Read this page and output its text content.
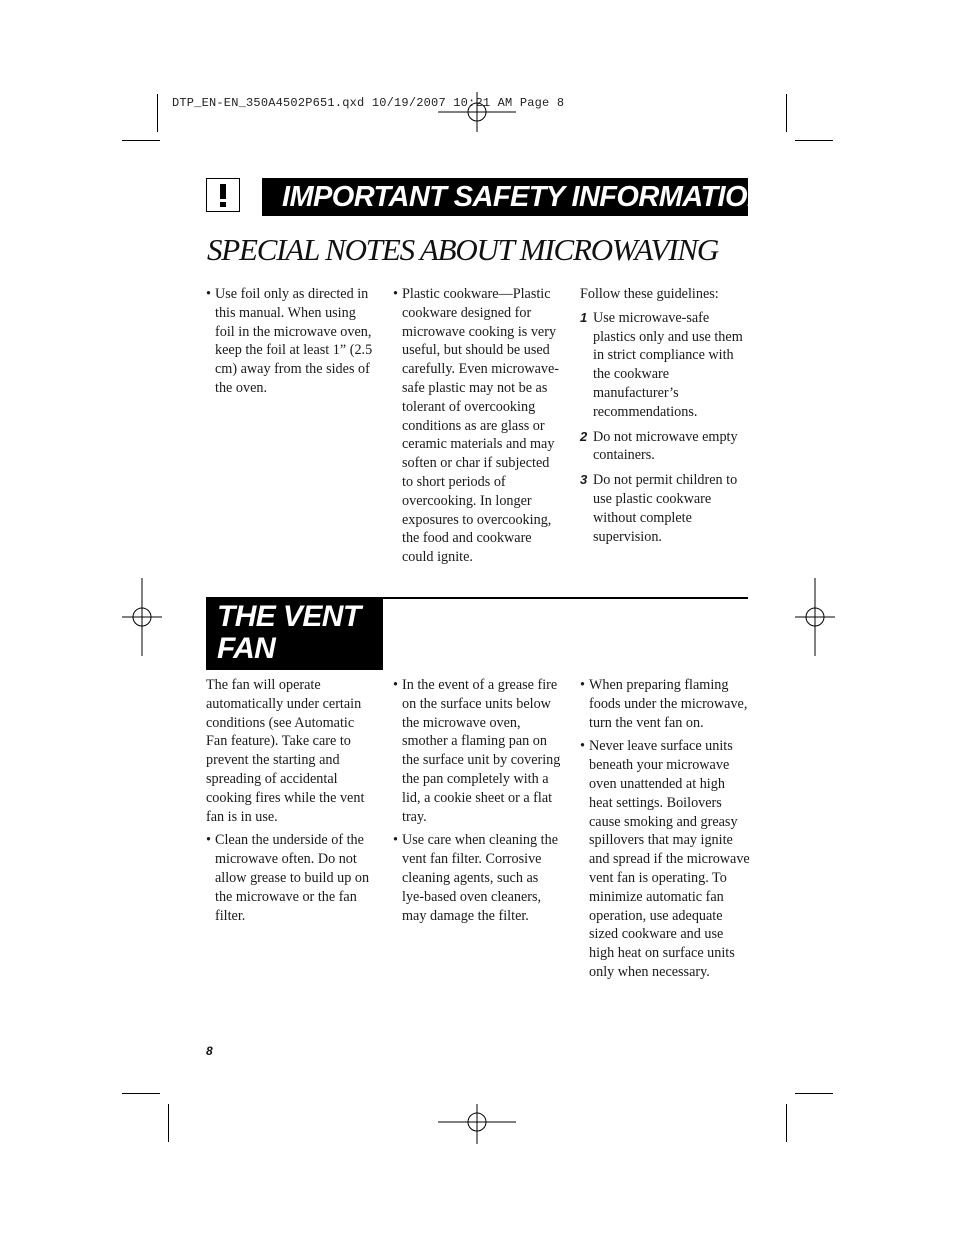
DTP_EN-EN_350A4502P651.qxd 10/19/2007 10:21 AM Page 8
IMPORTANT SAFETY INFORMATION
SPECIAL NOTES ABOUT MICROWAVING
• Use foil only as directed in this manual. When using foil in the microwave oven, keep the foil at least 1” (2.5 cm) away from the sides of the oven.
• Plastic cookware—Plastic cookware designed for microwave cooking is very useful, but should be used carefully. Even microwave-safe plastic may not be as tolerant of overcooking conditions as are glass or ceramic materials and may soften or char if subjected to short periods of overcooking. In longer exposures to overcooking, the food and cookware could ignite.
Follow these guidelines:
1 Use microwave-safe plastics only and use them in strict compliance with the cookware manufacturer’s recommendations.
2 Do not microwave empty containers.
3 Do not permit children to use plastic cookware without complete supervision.
THE VENT
FAN
The fan will operate automatically under certain conditions (see Automatic Fan feature). Take care to prevent the starting and spreading of accidental cooking fires while the vent fan is in use.
• Clean the underside of the microwave often. Do not allow grease to build up on the microwave or the fan filter.
• In the event of a grease fire on the surface units below the microwave oven, smother a flaming pan on the surface unit by covering the pan completely with a lid, a cookie sheet or a flat tray.
• Use care when cleaning the vent fan filter. Corrosive cleaning agents, such as lye-based oven cleaners, may damage the filter.
• When preparing flaming foods under the microwave, turn the vent fan on.
• Never leave surface units beneath your microwave oven unattended at high heat settings. Boilovers cause smoking and greasy spillovers that may ignite and spread if the microwave vent fan is operating. To minimize automatic fan operation, use adequate sized cookware and use high heat on surface units only when necessary.
8
